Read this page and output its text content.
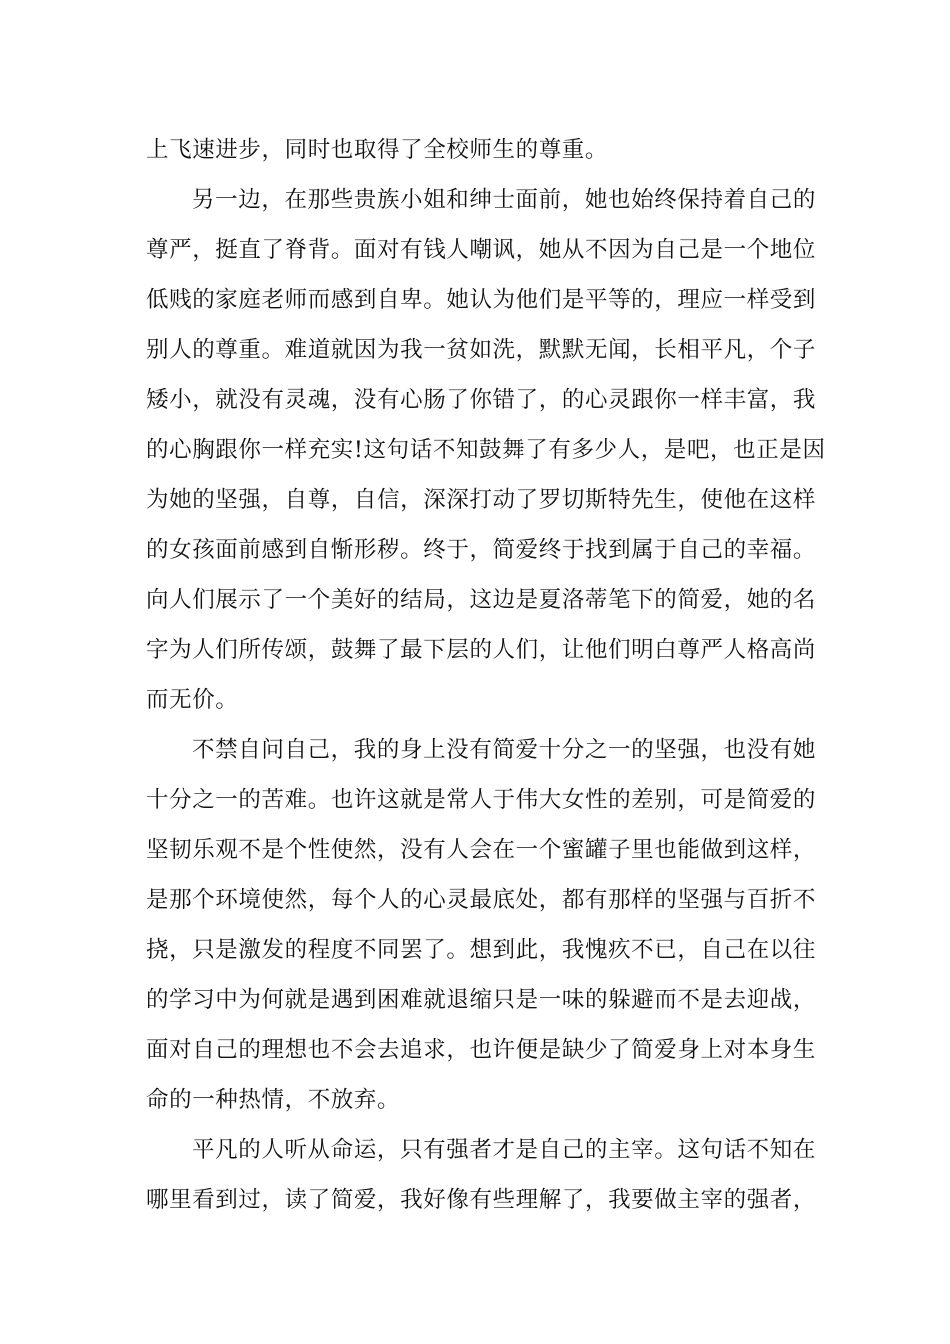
上飞速进步，同时也取得了全校师生的尊重。
另一边，在那些贵族小姐和绅士面前，她也始终保持着自己的
尊严，挺直了脊背。面对有钱人嘲讽，她从不因为自己是一个地位
低贱的家庭老师而感到自卑。她认为他们是平等的，理应一样受到
别人的尊重。难道就因为我一贫如洗，默默无闻，长相平凡，个子
矮小，就没有灵魂，没有心肠了你错了，的心灵跟你一样丰富，我
的心胸跟你一样充实!这句话不知鼓舞了有多少人，是吧，也正是因
为她的坚强，自尊，自信，深深打动了罗切斯特先生，使他在这样
的女孩面前感到自惭形秽。终于，简爱终于找到属于自己的幸福。
向人们展示了一个美好的结局，这边是夏洛蒂笔下的简爱，她的名
字为人们所传颂，鼓舞了最下层的人们，让他们明白尊严人格高尚
而无价。
不禁自问自己，我的身上没有简爱十分之一的坚强，也没有她
十分之一的苦难。也许这就是常人于伟大女性的差别，可是简爱的
坚韧乐观不是个性使然，没有人会在一个蜜罐子里也能做到这样，
是那个环境使然，每个人的心灵最底处，都有那样的坚强与百折不
挠，只是激发的程度不同罢了。想到此，我愧疚不已，自己在以往
的学习中为何就是遇到困难就退缩只是一味的躲避而不是去迎战，
面对自己的理想也不会去追求，也许便是缺少了简爱身上对本身生
命的一种热情，不放弃。
平凡的人听从命运，只有强者才是自己的主宰。这句话不知在
哪里看到过，读了简爱，我好像有些理解了，我要做主宰的强者，
